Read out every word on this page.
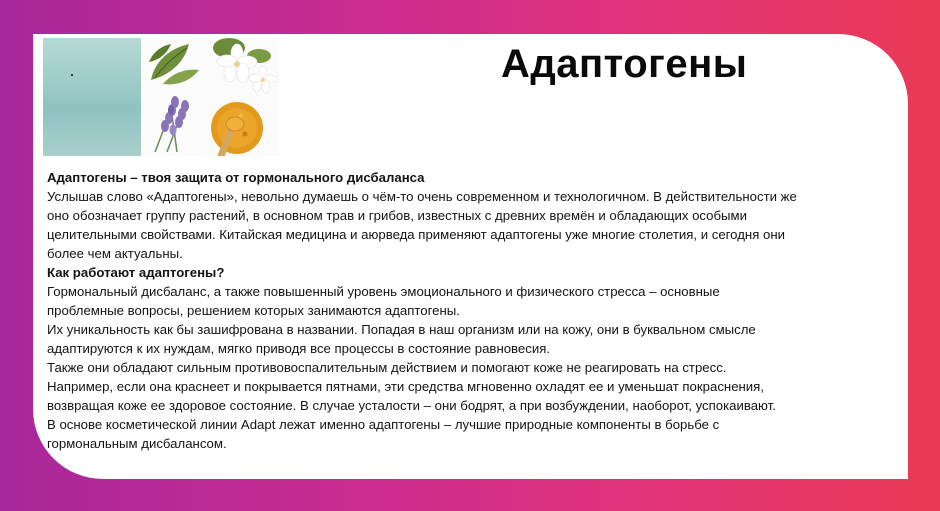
Адаптогены
Адаптогены – твоя защита от гормонального дисбаланса
Услышав слово «Адаптогены», невольно думаешь о чём-то очень современном и технологичном. В действительности же
оно обозначает группу растений, в основном трав и грибов, известных с древних времён и обладающих особыми
целительными свойствами. Китайская медицина и аюрведа применяют адаптогены уже многие столетия, и сегодня они
более чем актуальны.
Как работают адаптогены?
Гормональный дисбаланс, а также повышенный уровень эмоционального и физического стресса – основные
проблемные вопросы, решением которых занимаются адаптогены.
Их уникальность как бы зашифрована в названии. Попадая в наш организм или на кожу, они в буквальном смысле
адаптируются к их нуждам, мягко приводя все процессы в состояние равновесия.
Также они обладают сильным противовоспалительным действием и помогают коже не реагировать на стресс.
Например, если она краснеет и покрывается пятнами, эти средства мгновенно охладят ее и уменьшат покраснения,
возвращая коже ее здоровое состояние. В случае усталости – они бодрят, а при возбуждении, наоборот, успокаивают.
В основе косметической линии Adapt лежат именно адаптогены – лучшие природные компоненты в борьбе с
гормональным дисбалансом.
